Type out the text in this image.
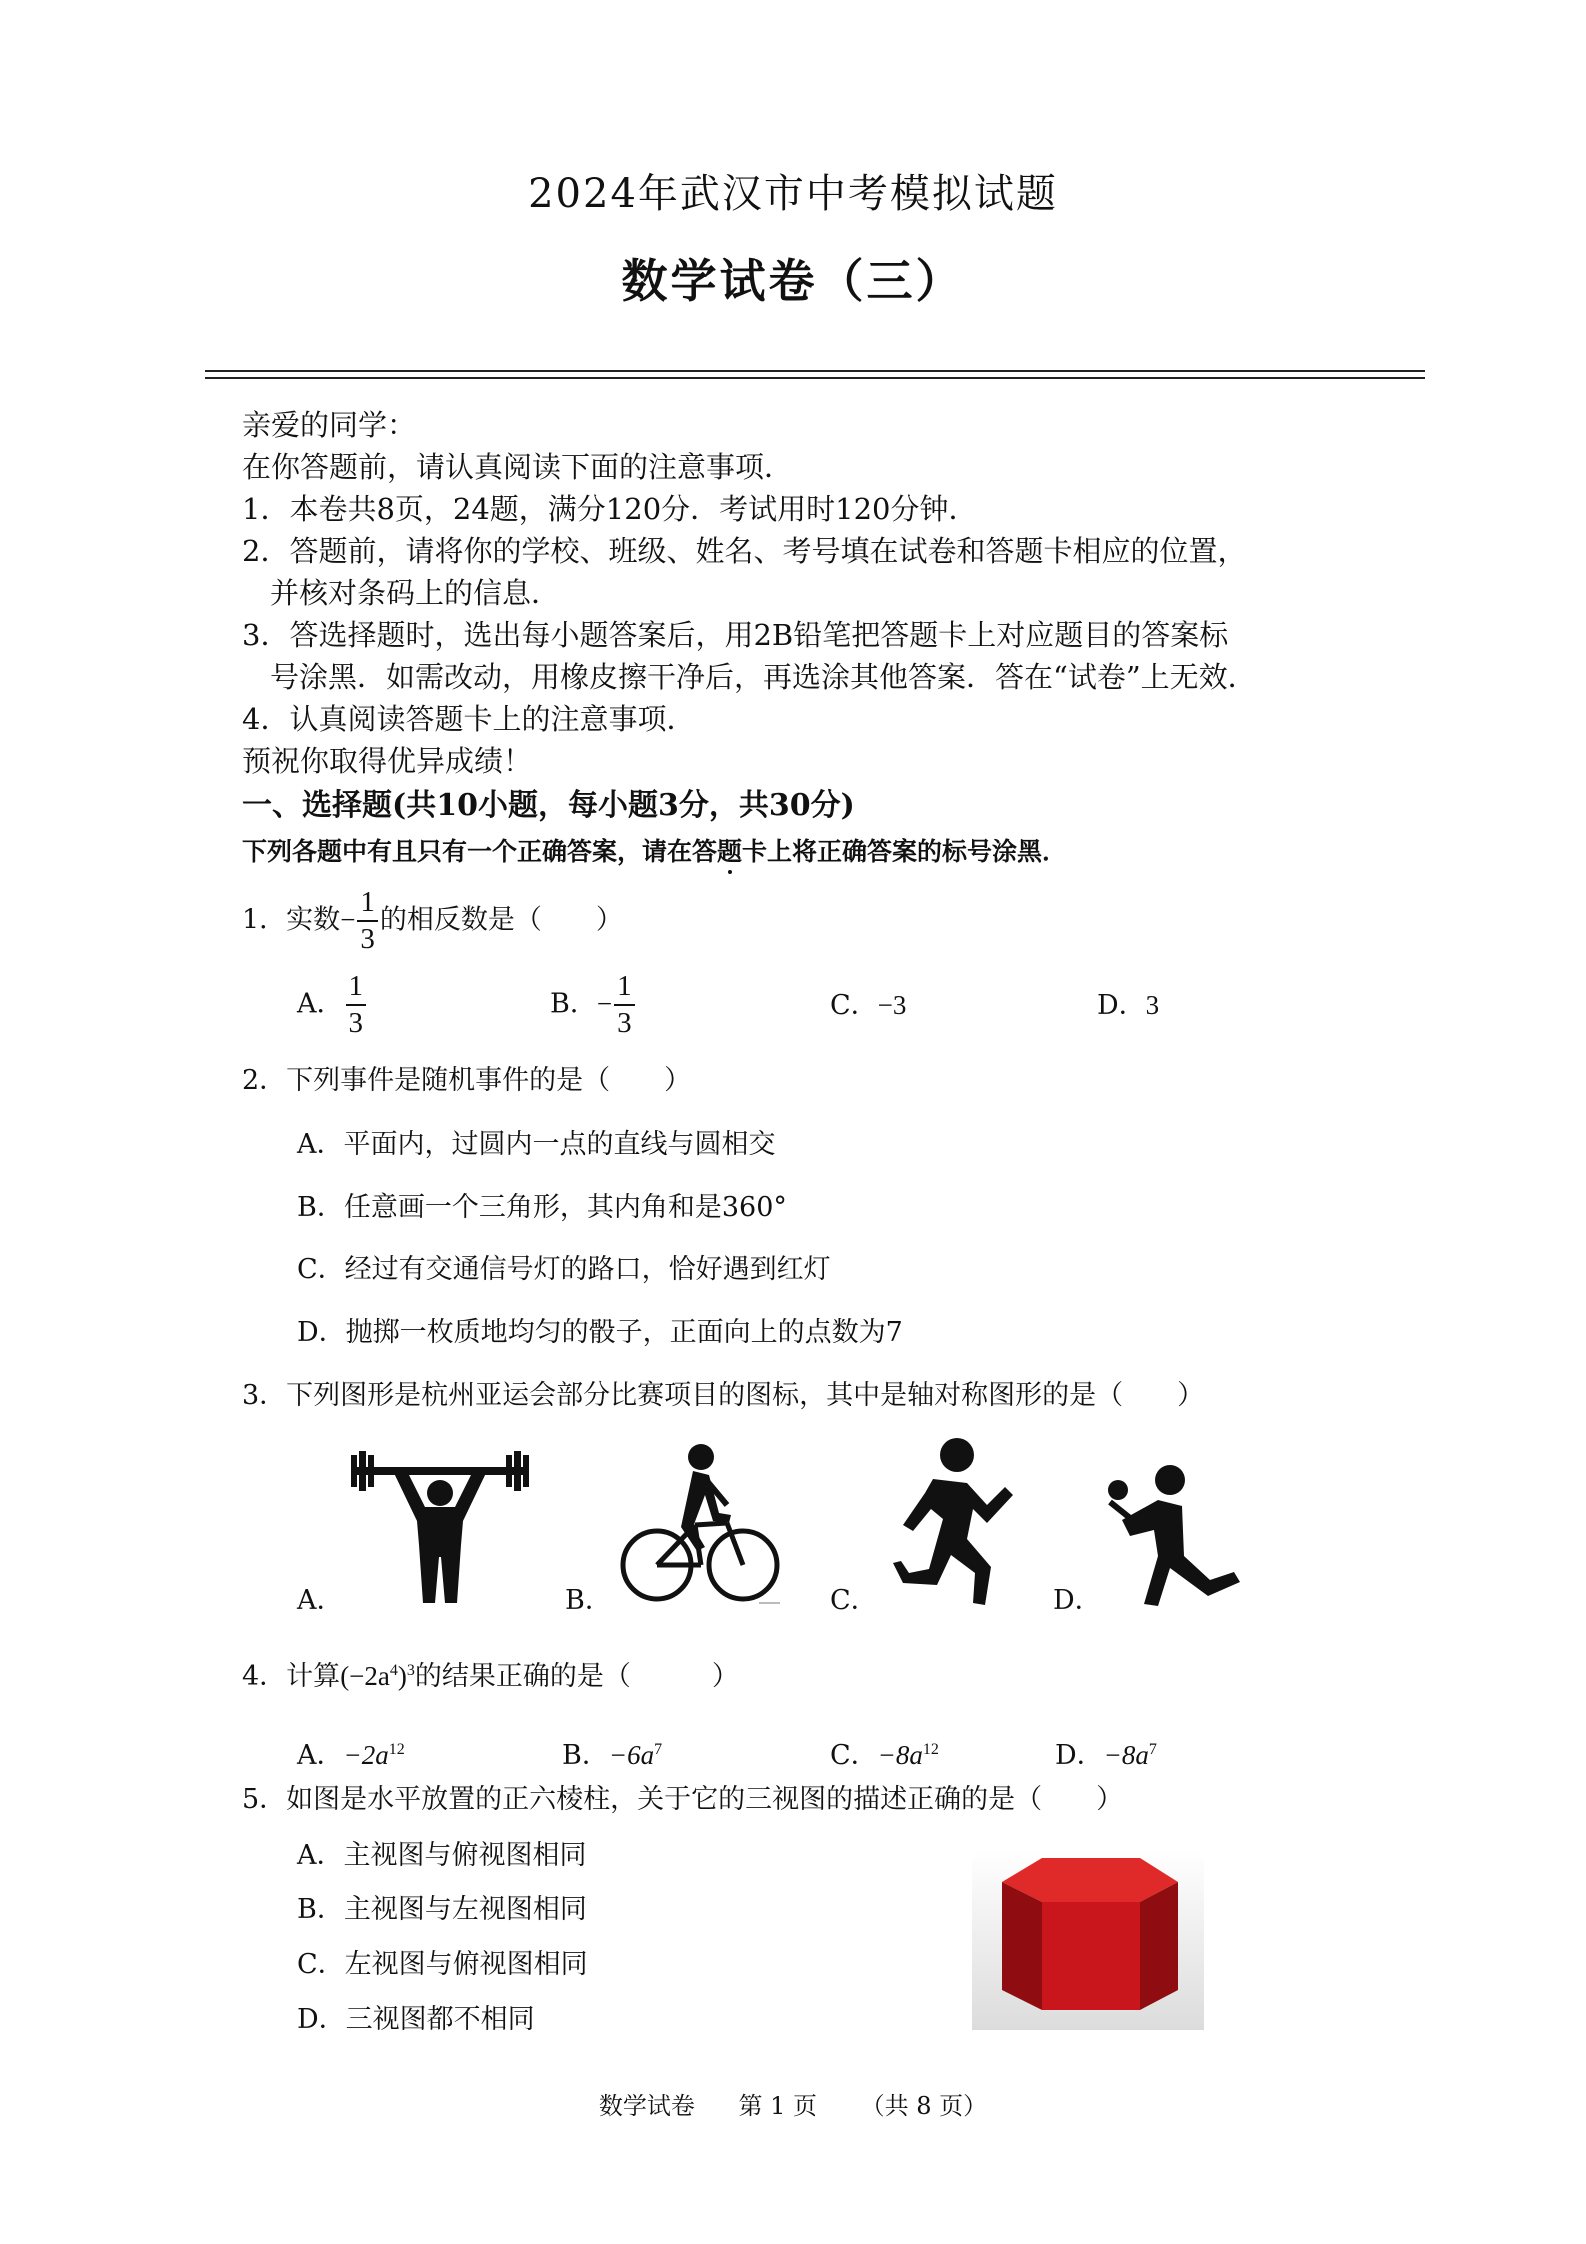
2024年武汉市中考模拟试题
数学试卷（三）
亲爱的同学：
在你答题前，请认真阅读下面的注意事项．
1．本卷共8页，24题，满分120分．考试用时120分钟．
2．答题前，请将你的学校、班级、姓名、考号填在试卷和答题卡相应的位置，
并核对条码上的信息．
3．答选择题时，选出每小题答案后，用2B铅笔把答题卡上对应题目的答案标
号涂黑．如需改动，用橡皮擦干净后，再选涂其他答案．答在“试卷”上无效．
4．认真阅读答题卡上的注意事项．
预祝你取得优异成绩！
一、选择题(共10小题，每小题3分，共30分)
下列各题中有且只有一个正确答案，请在答题卡上将正确答案的标号涂黑．
1．实数− $\frac{1}{3}$ 的相反数是（　　）
A． $\frac{1}{3}$	B．− $\frac{1}{3}$	C．−3	D．3
2．下列事件是随机事件的是（　　）
A．平面内，过圆内一点的直线与圆相交
B．任意画一个三角形，其内角和是360°
C．经过有交通信号灯的路口，恰好遇到红灯
D．抛掷一枚质地均匀的骰子，正面向上的点数为7
3．下列图形是杭州亚运会部分比赛项目的图标，其中是轴对称图形的是（　　）
A．	B．	C．	D．
4．计算$(-2a^4)^3$的结果正确的是（　　　）
A．$-2a^{12}$	B．$-6a^7$	C．$-8a^{12}$	D．$-8a^7$
5．如图是水平放置的正六棱柱，关于它的三视图的描述正确的是（　　）
A．主视图与俯视图相同
B．主视图与左视图相同
C．左视图与俯视图相同
D．三视图都不相同
数学试卷 第 1 页 （共 8 页）
